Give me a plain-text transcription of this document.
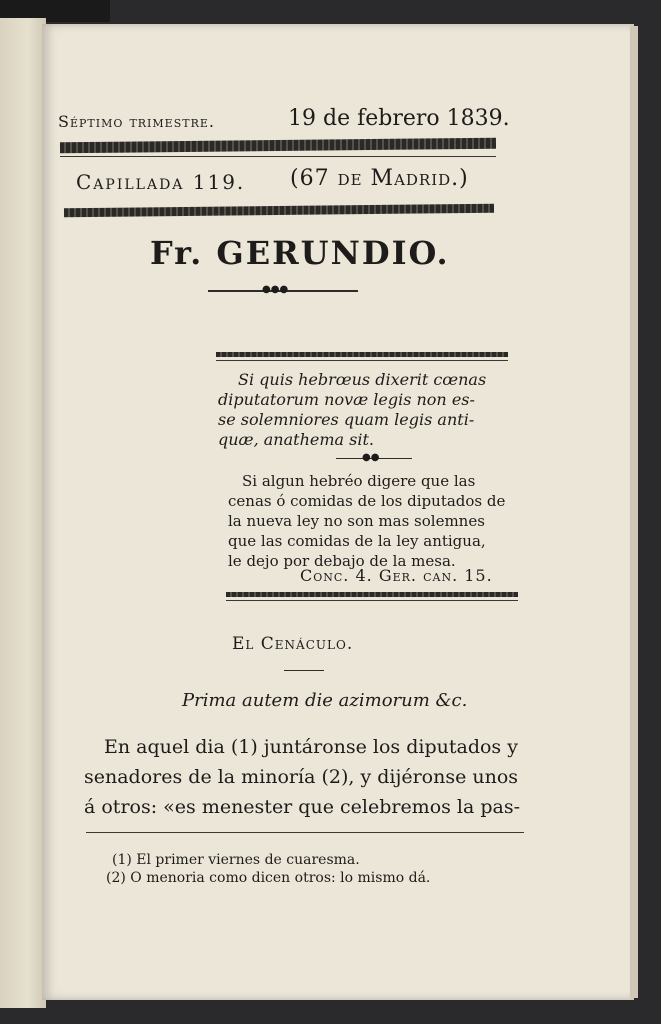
Séptimo trimestre.	19 de febrero 1839.
Capillada 119. (67 de Madrid.)
Fr. GERUNDIO.
●●●
Si quis hebrœus dixerit cœnas
diputatorum novæ legis non es-
se solemniores quam legis anti-
quæ, anathema sit.
●●
Si algun hebréo digere que las
cenas ó comidas de los diputados de
la nueva ley no son mas solemnes
que las comidas de la ley antigua,
le dejo por debajo de la mesa.
Conc. 4. Ger. can. 15.
El Cenáculo.
Prima autem die azimorum &c.
En aquel dia (1) juntáronse los diputados y
senadores de la minoría (2), y dijéronse unos
á otros: «es menester que celebremos la pas-
(1) El primer viernes de cuaresma.
(2) O menoria como dicen otros: lo mismo dá.
